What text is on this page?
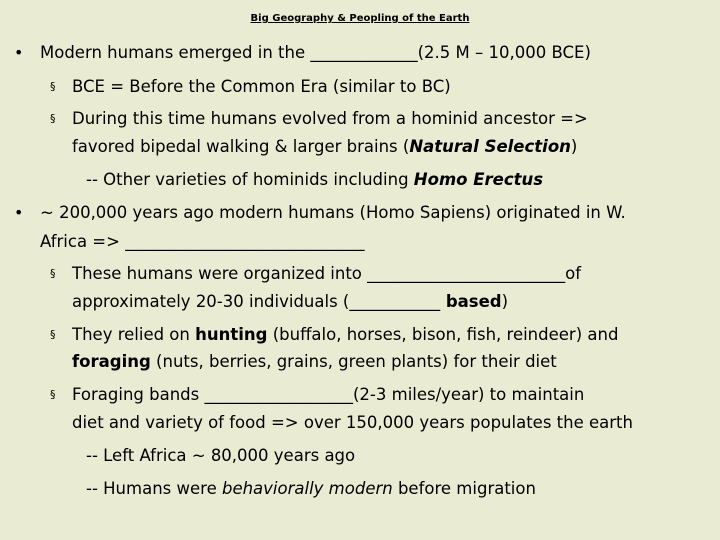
Big Geography & Peopling of the Earth
• Modern humans emerged in the _____________(2.5 M – 10,000 BCE)
§ BCE = Before the Common Era (similar to BC)
§ During this time humans evolved from a hominid ancestor =>
favored bipedal walking & larger brains (Natural Selection)
-- Other varieties of hominids including Homo Erectus
• ~ 200,000 years ago modern humans (Homo Sapiens) originated in W.
Africa => _____________________________
§ These humans were organized into ________________________of
approximately 20-30 individuals (___________ based)
§ They relied on hunting (buffalo, horses, bison, fish, reindeer) and
foraging (nuts, berries, grains, green plants) for their diet
§ Foraging bands __________________(2-3 miles/year) to maintain
diet and variety of food => over 150,000 years populates the earth
-- Left Africa ~ 80,000 years ago
-- Humans were behaviorally modern before migration
